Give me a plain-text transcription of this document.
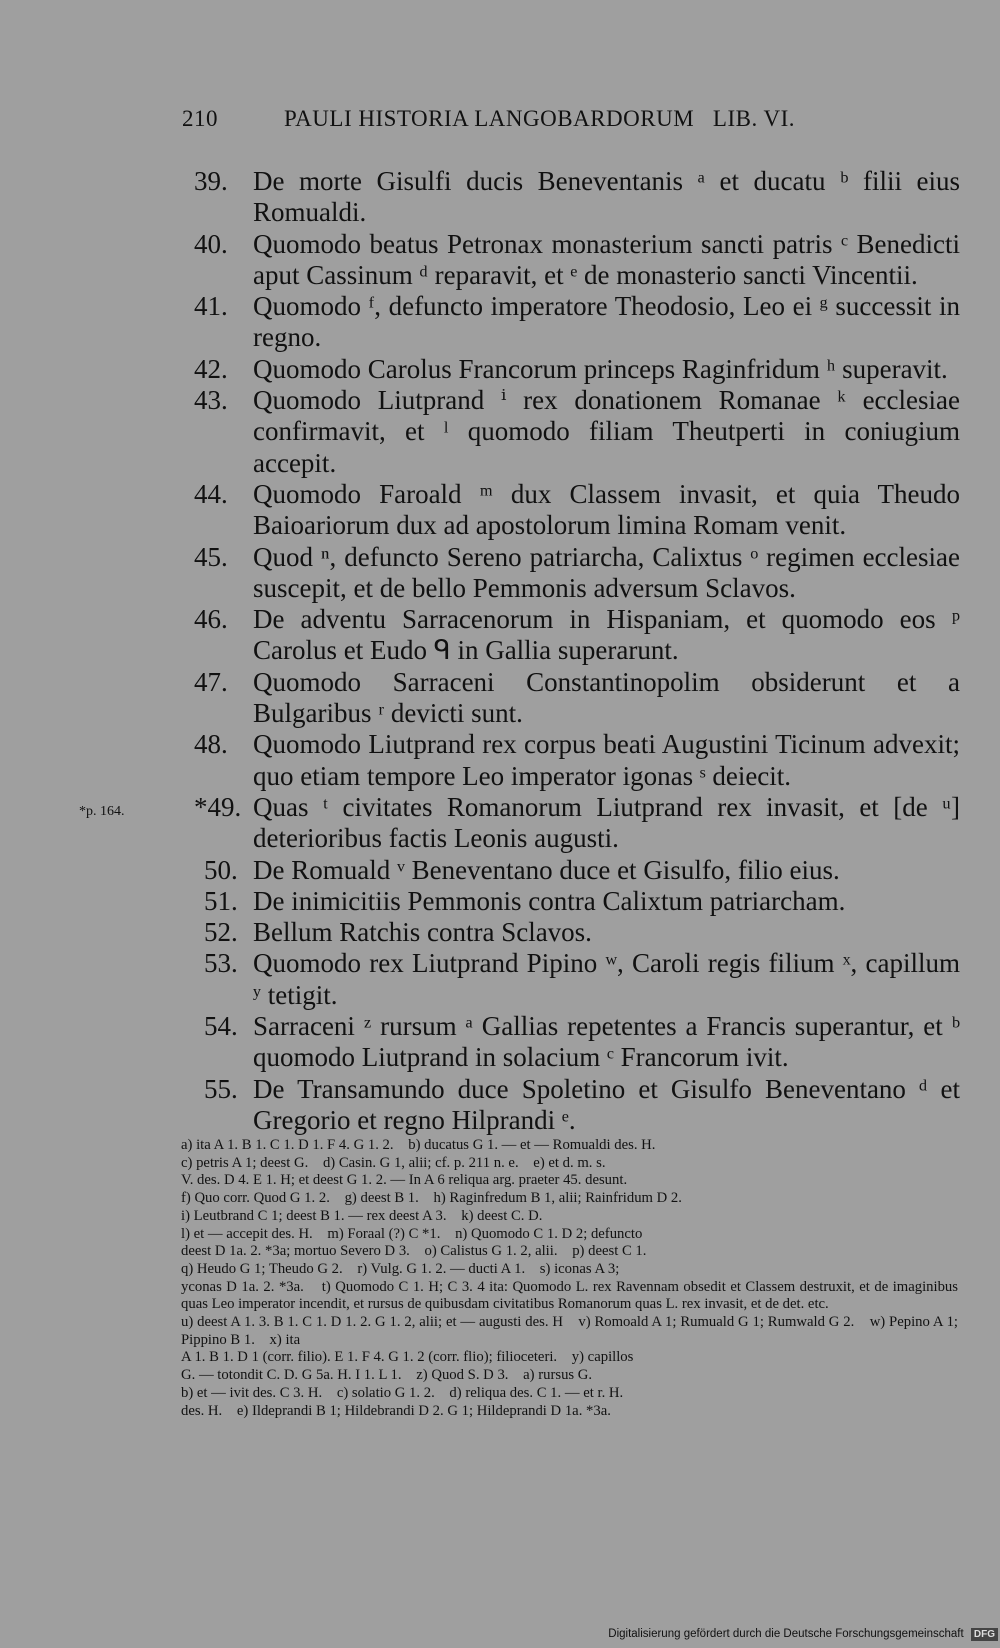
210	PAULI HISTORIA LANGOBARDORUM   LIB. VI.
39. De morte Gisulfi ducis Beneventanis ᵃ et ducatu ᵇ filii eius Romualdi.
40. Quomodo beatus Petronax monasterium sancti patris ᶜ Benedicti aput Cassinum ᵈ reparavit, et ᵉ de monasterio sancti Vincentii.
41. Quomodo ᶠ, defuncto imperatore Theodosio, Leo ei ᵍ successit in regno.
42. Quomodo Carolus Francorum princeps Raginfridum ʰ superavit.
43. Quomodo Liutprand ⁱ rex donationem Romanae ᵏ ecclesiae confirmavit, et ˡ quomodo filiam Theutperti in coniugium accepit.
44. Quomodo Faroald ᵐ dux Classem invasit, et quia Theudo Baioariorum dux ad apostolorum limina Romam venit.
45. Quod ⁿ, defuncto Sereno patriarcha, Calixtus ᵒ regimen ecclesiae suscepit, et de bello Pemmonis adversum Sclavos.
46. De adventu Sarracenorum in Hispaniam, et quomodo eos ᵖ Carolus et Eudo ᑫ in Gallia superarunt.
47. Quomodo Sarraceni Constantinopolim obsiderunt et a Bulgaribus ʳ devicti sunt.
48. Quomodo Liutprand rex corpus beati Augustini Ticinum advexit; quo etiam tempore Leo imperator igonas ˢ deiecit.
*p. 164.	*49. Quas ᵗ civitates Romanorum Liutprand rex invasit, et [de ᵘ] deterioribus factis Leonis augusti.
50. De Romuald ᵛ Beneventano duce et Gisulfo, filio eius.
51. De inimicitiis Pemmonis contra Calixtum patriarcham.
52. Bellum Ratchis contra Sclavos.
53. Quomodo rex Liutprand Pipino ʷ, Caroli regis filium ˣ, capillum ʸ tetigit.
54. Sarraceni ᶻ rursum ᵃ Gallias repetentes a Francis superantur, et ᵇ quomodo Liutprand in solacium ᶜ Francorum ivit.
55. De Transamundo duce Spoletino et Gisulfo Beneventano ᵈ et Gregorio et regno Hilprandi ᵉ.

a) ita A 1. B 1. C 1. D 1. F 4. G 1. 2.    b) ducatus G 1. — et — Romualdi des. H.

c) petris A 1; deest G.    d) Casin. G 1, alii; cf. p. 211 n. e.    e) et d. m. s.

V. des. D 4. E 1. H; et deest G 1. 2. — In A 6 reliqua arg. praeter 45. desunt.

f) Quo corr. Quod G 1. 2.    g) deest B 1.    h) Raginfredum B 1, alii; Rainfridum D 2.

i) Leutbrand C 1; deest B 1. — rex deest A 3.    k) deest C. D.

l) et — accepit des. H.    m) Foraal (?) C *1.    n) Quomodo C 1. D 2; defuncto

deest D 1a. 2. *3a; mortuo Severo D 3.    o) Calistus G 1. 2, alii.    p) deest C 1.

q) Heudo G 1; Theudo G 2.    r) Vulg. G 1. 2. — ducti A 1.    s) iconas A 3;

yconas D 1a. 2. *3a.    t) Quomodo C 1. H; C 3. 4 ita: Quomodo L. rex Ravennam obsedit et Classem destruxit, et de imaginibus quas Leo imperator incendit, et rursus de quibusdam civitatibus Romanorum quas L. rex invasit, et de det. etc.

u) deest A 1. 3. B 1. C 1. D 1. 2. G 1. 2, alii; et — augusti des. H    v) Romoald A 1; Rumuald G 1; Rumwald G 2.    w) Pepino A 1; Pippino B 1.    x) ita

A 1. B 1. D 1 (corr. filio). E 1. F 4. G 1. 2 (corr. flio); filioceteri.    y) capillos

G. — totondit C. D. G 5a. H. I 1. L 1.    z) Quod S. D 3.    a) rursus G.

b) et — ivit des. C 3. H.    c) solatio G 1. 2.    d) reliqua des. C 1. — et r. H.

des. H.    e) Ildeprandi B 1; Hildebrandi D 2. G 1; Hildeprandi D 1a. *3a.

Digitalisierung gefördert durch die Deutsche Forschungsgemeinschaft DFG
